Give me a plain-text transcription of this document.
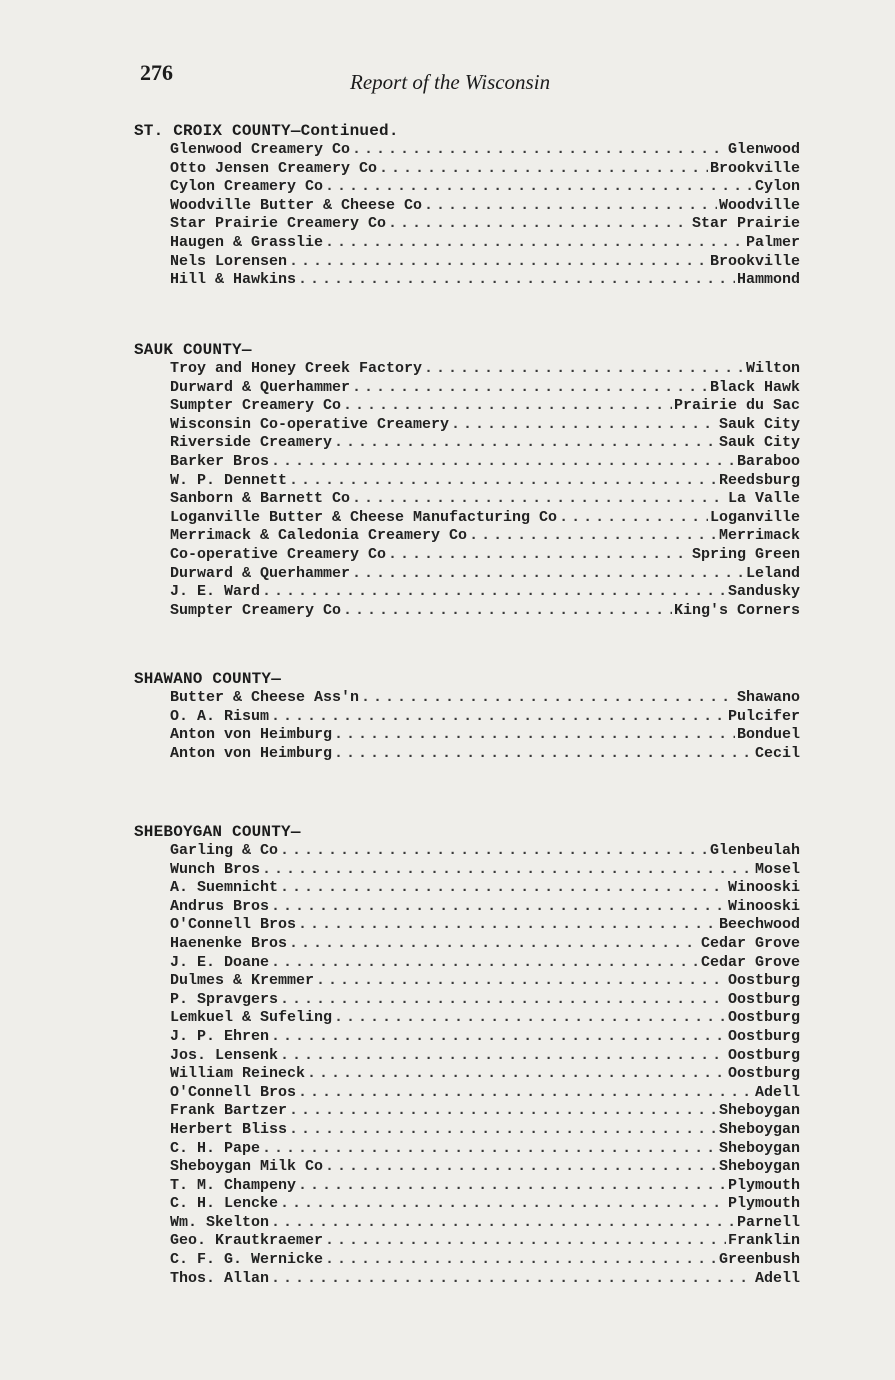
276	Report of the Wisconsin
ST. CROIX COUNTY—Continued.
Glenwood Creamery Co . . .	Glenwood
Otto Jensen Creamery Co . . .	Brookville
Cylon Creamery Co . . .	Cylon
Woodville Butter & Cheese Co . . .	Woodville
Star Prairie Creamery Co . . .	Star Prairie
Haugen & Grasslie . . .	Palmer
Nels Lorensen . . .	Brookville
Hill & Hawkins . . .	Hammond
SAUK COUNTY—
Troy and Honey Creek Factory . . .	Wilton
Durward & Querhammer . . .	Black Hawk
Sumpter Creamery Co . . .	Prairie du Sac
Wisconsin Co-operative Creamery . . .	Sauk City
Riverside Creamery . . .	Sauk City
Barker Bros . . .	Baraboo
W. P. Dennett . . .	Reedsburg
Sanborn & Barnett Co . . .	La Valle
Loganville Butter & Cheese Manufacturing Co . . .	Loganville
Merrimack & Caledonia Creamery Co . . .	Merrimack
Co-operative Creamery Co . . .	Spring Green
Durward & Querhammer . . .	Leland
J. E. Ward . . .	Sandusky
Sumpter Creamery Co . . .	King's Corners
SHAWANO COUNTY—
Butter & Cheese Ass'n . . .	Shawano
O. A. Risum . . .	Pulcifer
Anton von Heimburg . . .	Bonduel
Anton von Heimburg . . .	Cecil
SHEBOYGAN COUNTY—
Garling & Co . . .	Glenbeulah
Wunch Bros . . .	Mosel
A. Suemnicht . . .	Winooski
Andrus Bros . . .	Winooski
O'Connell Bros . . .	Beechwood
Haenenke Bros . . .	Cedar Grove
J. E. Doane . . .	Cedar Grove
Dulmes & Kremmer . . .	Oostburg
P. Spravgers . . .	Oostburg
Lemkuel & Sufeling . . .	Oostburg
J. P. Ehren . . .	Oostburg
Jos. Lensenk . . .	Oostburg
William Reineck . . .	Oostburg
O'Connell Bros . . .	Adell
Frank Bartzer . . .	Sheboygan
Herbert Bliss . . .	Sheboygan
C. H. Pape . . .	Sheboygan
Sheboygan Milk Co . . .	Sheboygan
T. M. Champeny . . .	Plymouth
C. H. Lencke . . .	Plymouth
Wm. Skelton . . .	Parnell
Geo. Krautkraemer . . .	Franklin
C. F. G. Wernicke . . .	Greenbush
Thos. Allan . . .	Adell
